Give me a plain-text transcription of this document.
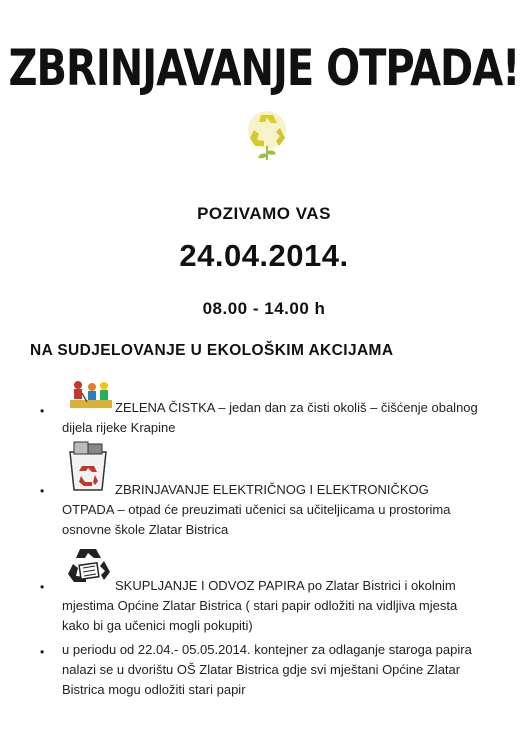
ZBRINJAVANJE OTPADA!
POZIVAMO VAS
24.04.2014.
08.00 - 14.00 h
NA SUDJELOVANJE U EKOLOŠKIM AKCIJAMA
•	ZELENA ČISTKA – jedan dan za čisti okoliš – čišćenje obalnog
dijela rijeke Krapine
•	ZBRINJAVANJE ELEKTRIČNOG I ELEKTRONIČKOG
OTPADA – otpad će preuzimati učenici sa učiteljicama u prostorima
osnovne škole Zlatar Bistrica
•	SKUPLJANJE I ODVOZ PAPIRA po Zlatar Bistrici i okolnim
mjestima Općine Zlatar Bistrica ( stari papir odložiti na vidljiva mjesta
kako bi ga učenici mogli pokupiti)
• u periodu od 22.04.- 05.05.2014. kontejner za odlaganje staroga papira
nalazi se u dvorištu OŠ Zlatar Bistrica gdje svi mještani Općine Zlatar
Bistrica mogu odložiti stari papir
